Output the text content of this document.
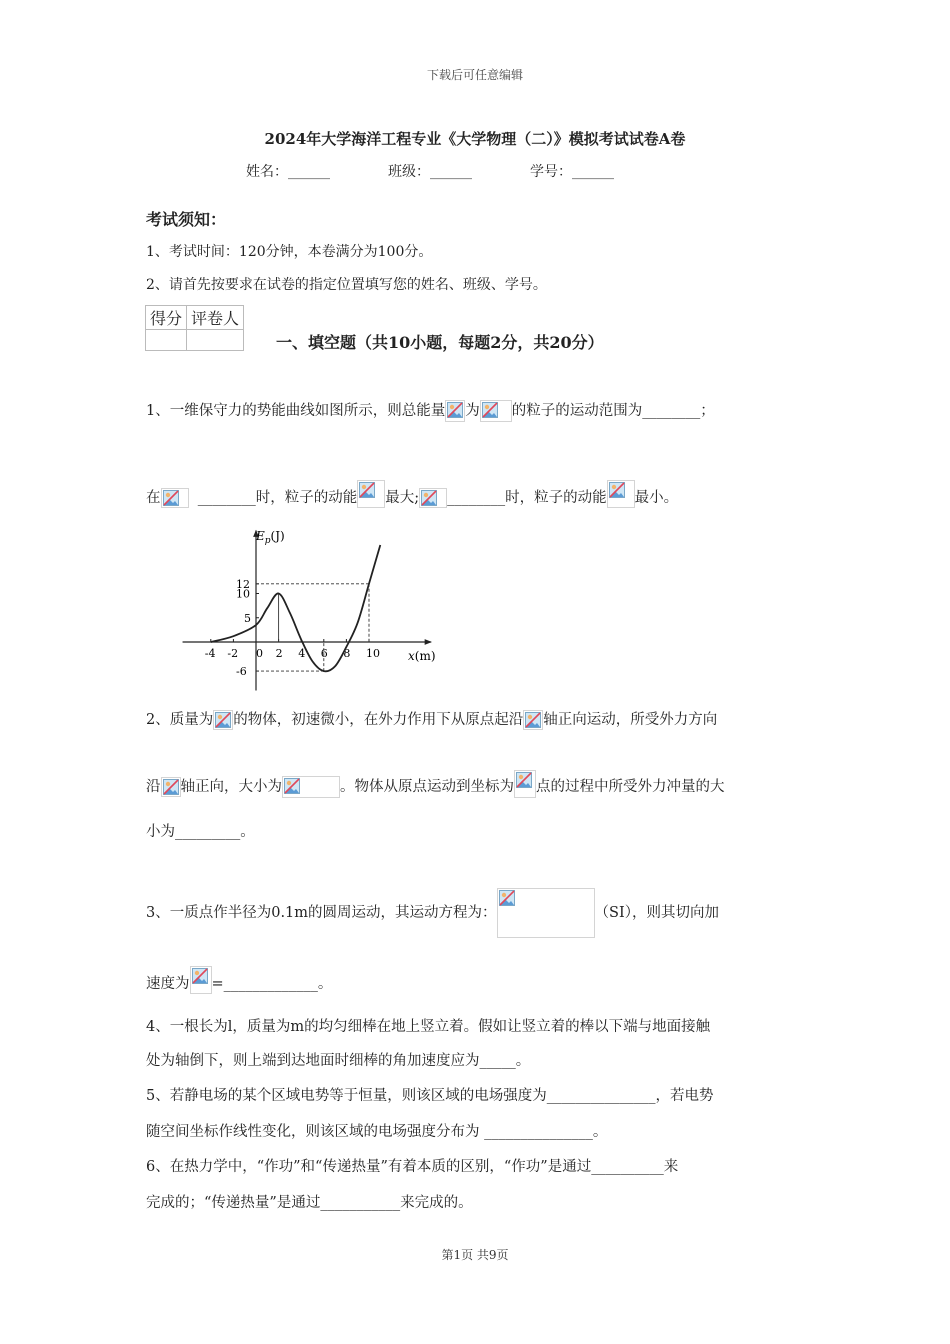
下载后可任意编辑
2024年大学海洋工程专业《大学物理（二）》模拟考试试卷A卷
姓名：______	班级：______	学号：______
考试须知：
1、考试时间：120分钟，本卷满分为100分。
2、请首先按要求在试卷的指定位置填写您的姓名、班级、学号。
得分	评卷人

一、填空题（共10小题，每题2分，共20分）
1、一维保守力的势能曲线如图所示，则总能量 为 的粒子的运动范围为________；
在	________时，粒子的动能 最大; ________时，粒子的动能 最小。
-4 -2 0 2 4 6 8 10
12
10
5
-6
$E_p(J)$
x(m)
2、质量为 的物体，初速微小，在外力作用下从原点起沿 轴正向运动，所受外力方向
沿 轴正向，大小为	。物体从原点运动到坐标为 点的过程中所受外力冲量的大
小为_________。
3、一质点作半径为0.1m的圆周运动，其运动方程为：	（SI），则其切向加
速度为 =_____________。
4、一根长为l，质量为m的均匀细棒在地上竖立着。假如让竖立着的棒以下端与地面接触
处为轴倒下，则上端到达地面时细棒的角加速度应为_____。
5、若静电场的某个区域电势等于恒量，则该区域的电场强度为_______________，若电势
随空间坐标作线性变化，则该区域的电场强度分布为 _______________。
6、在热力学中，“作功”和“传递热量”有着本质的区别，“作功”是通过__________来
完成的；“传递热量”是通过___________来完成的。
第1页 共9页
